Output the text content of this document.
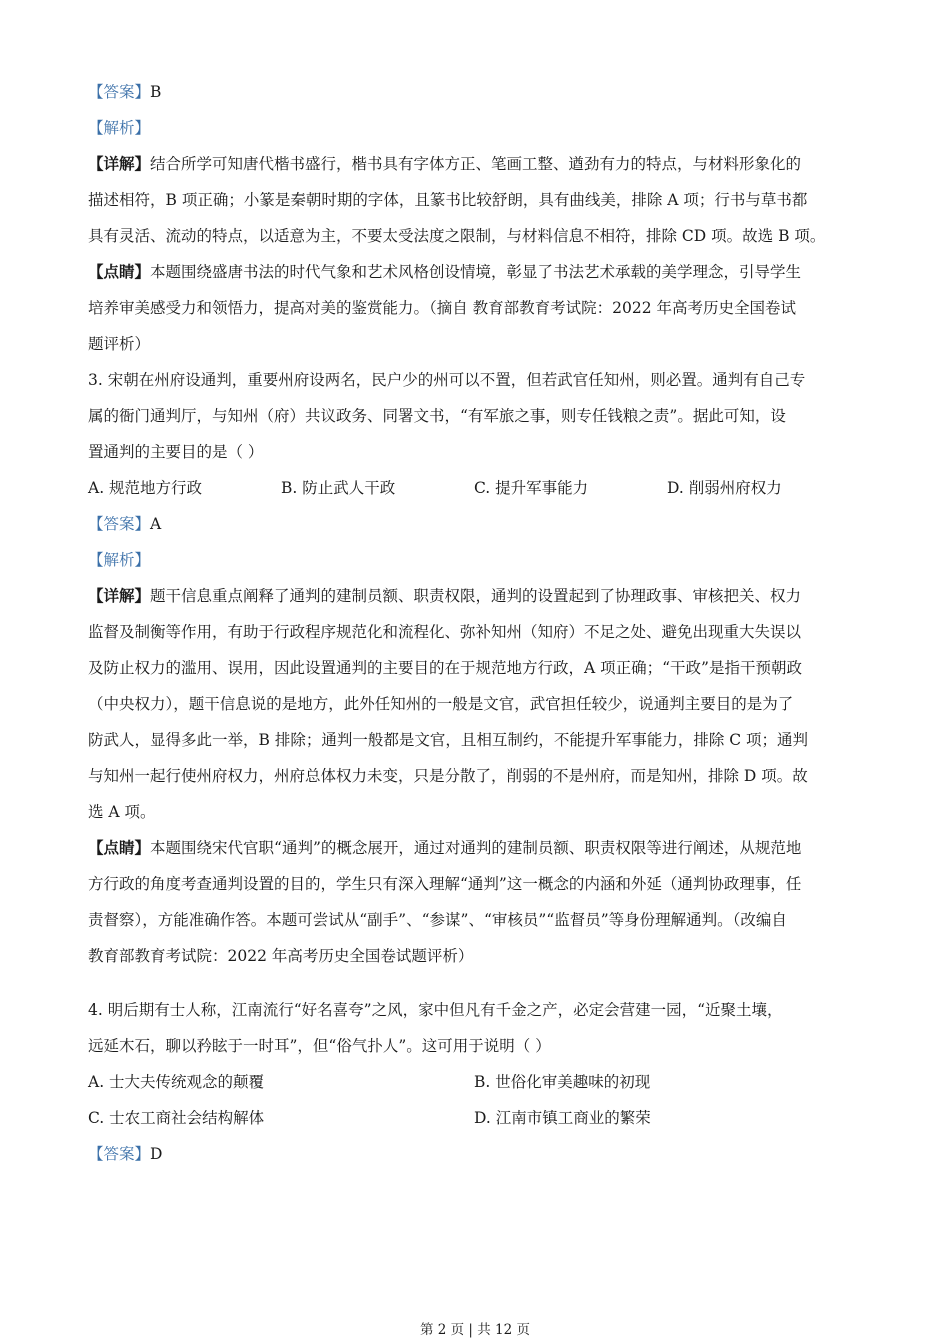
【答案】B
【解析】
【详解】结合所学可知唐代楷书盛行，楷书具有字体方正、笔画工整、遒劲有力的特点，与材料形象化的
描述相符，B 项正确；小篆是秦朝时期的字体，且篆书比较舒朗，具有曲线美，排除 A 项；行书与草书都
具有灵活、流动的特点，以适意为主，不要太受法度之限制，与材料信息不相符，排除 CD 项。故选 B 项。
【点睛】本题围绕盛唐书法的时代气象和艺术风格创设情境，彰显了书法艺术承载的美学理念，引导学生
培养审美感受力和领悟力，提高对美的鉴赏能力。（摘自 教育部教育考试院：2022 年高考历史全国卷试
题评析）
3. 宋朝在州府设通判，重要州府设两名，民户少的州可以不置，但若武官任知州，则必置。通判有自己专
属的衙门通判厅，与知州（府）共议政务、同署文书，“有军旅之事，则专任钱粮之责”。据此可知，设
置通判的主要目的是（ ）
A. 规范地方行政	B. 防止武人干政	C. 提升军事能力	D. 削弱州府权力
【答案】A
【解析】
【详解】题干信息重点阐释了通判的建制员额、职责权限，通判的设置起到了协理政事、审核把关、权力
监督及制衡等作用，有助于行政程序规范化和流程化、弥补知州（知府）不足之处、避免出现重大失误以
及防止权力的滥用、误用，因此设置通判的主要目的在于规范地方行政，A 项正确；“干政”是指干预朝政
（中央权力），题干信息说的是地方，此外任知州的一般是文官，武官担任较少，说通判主要目的是为了
防武人，显得多此一举，B 排除；通判一般都是文官，且相互制约，不能提升军事能力，排除 C 项；通判
与知州一起行使州府权力，州府总体权力未变，只是分散了，削弱的不是州府，而是知州，排除 D 项。故
选 A 项。
【点睛】本题围绕宋代官职“通判”的概念展开，通过对通判的建制员额、职责权限等进行阐述，从规范地
方行政的角度考查通判设置的目的，学生只有深入理解“通判”这一概念的内涵和外延（通判协政理事，任
责督察），方能准确作答。本题可尝试从“副手”、“参谋”、“审核员”“监督员”等身份理解通判。（改编自
教育部教育考试院：2022 年高考历史全国卷试题评析）
4. 明后期有士人称，江南流行“好名喜夸”之风，家中但凡有千金之产，必定会营建一园，“近聚土壤，
远延木石，聊以矜眩于一时耳”，但“俗气扑人”。这可用于说明（ ）
A. 士大夫传统观念的颠覆	B. 世俗化审美趣味的初现
C. 士农工商社会结构解体	D. 江南市镇工商业的繁荣
【答案】D
第 2 页 | 共 12 页
